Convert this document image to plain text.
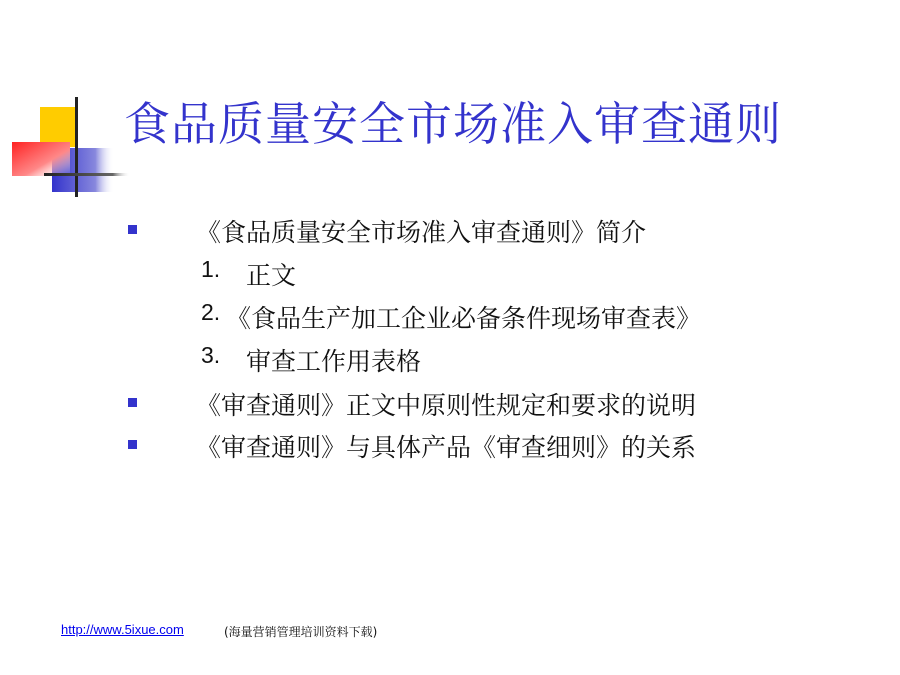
食品质量安全市场准入审查通则
《食品质量安全市场准入审查通则》简介
1. 正文
2. 《食品生产加工企业必备条件现场审查表》
3. 审查工作用表格
《审查通则》正文中原则性规定和要求的说明
《审查通则》与具体产品《审查细则》的关系
http://www.5ixue.com	(海量营销管理培训资料下载)
